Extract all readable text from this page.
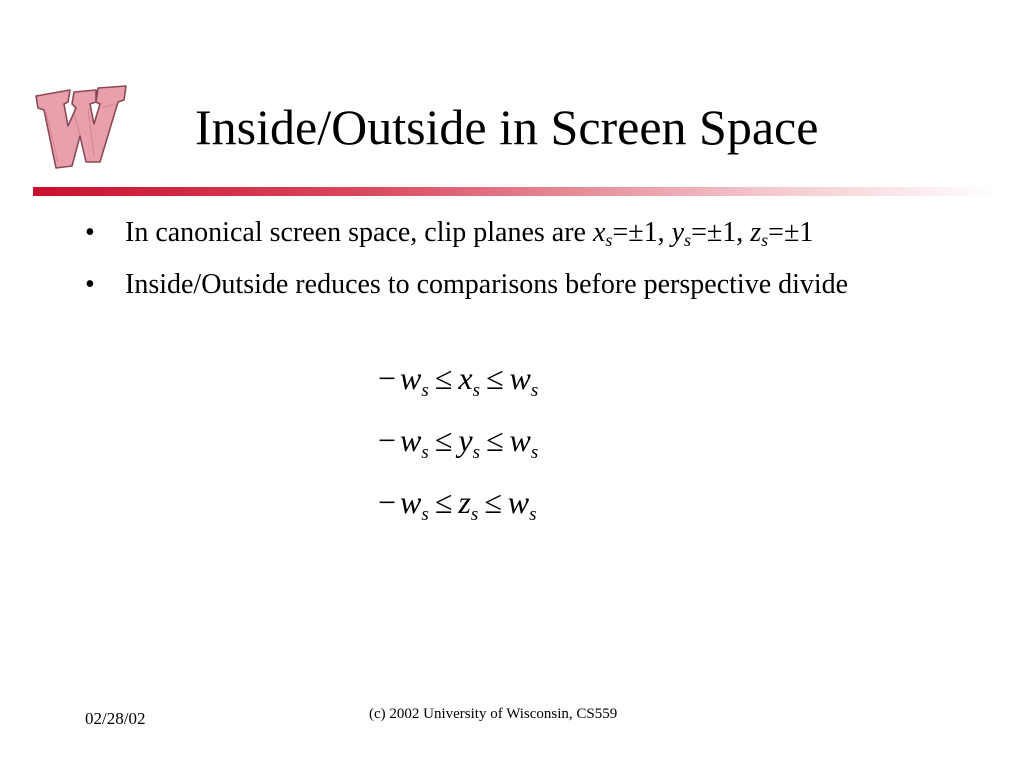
Inside/Outside in Screen Space
• In canonical screen space, clip planes are $x_s=\pm 1$, $y_s=\pm 1$, $z_s=\pm 1$
• Inside/Outside reduces to comparisons before perspective divide
− $w_s \le x_s \le w_s$
− $w_s \le y_s \le w_s$
− $w_s \le z_s \le w_s$
02/28/02	(c) 2002 University of Wisconsin, CS559
